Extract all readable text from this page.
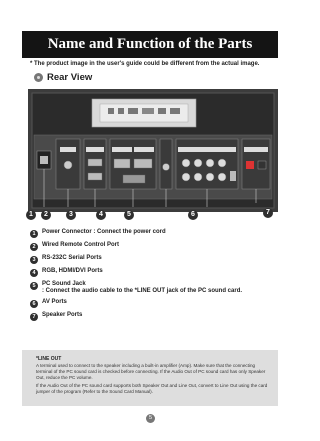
Name and Function of the Parts
* The product image in the user's guide could be different from the actual image.
Rear View
1	2	3	4	5	6	7
1	Power Connector : Connect the power cord
2	Wired Remote Control Port
3	RS-232C Serial Ports
4	RGB, HDMI/DVI Ports
5	PC Sound Jack
: Connect the audio cable to the *LINE OUT jack of the PC sound card.
6	AV Ports
7	Speaker Ports
*LINE OUT

A terminal used to connect to the speaker including a built-in amplifier (Amp). Make sure that the connecting terminal of the PC sound card is checked before connecting. If the Audio Out of PC sound card has only Speaker Out, reduce the PC volume.

If the Audio Out of the PC sound card supports both Speaker Out and Line Out, convert to Line Out using the card jumper of the program (Refer to the Sound Card Manual).

5
